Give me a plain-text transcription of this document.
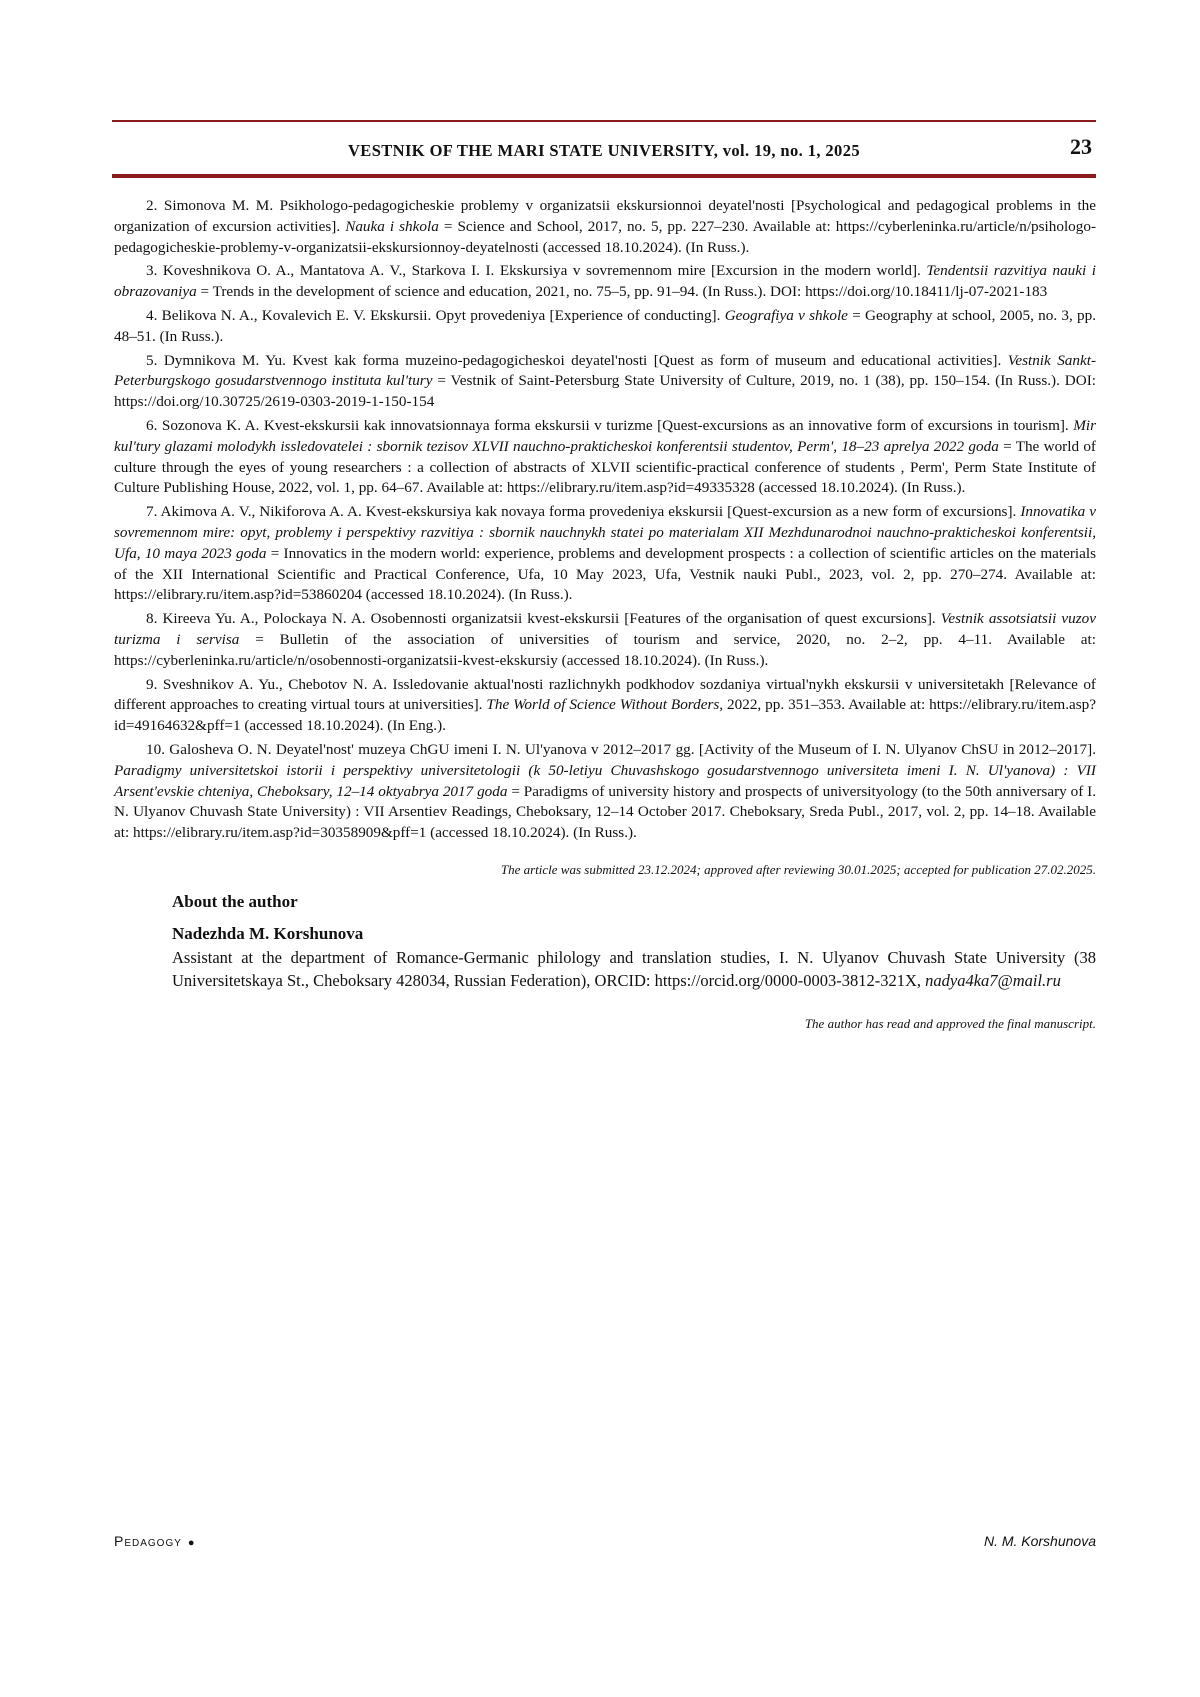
VESTNIK OF THE MARI STATE UNIVERSITY, vol. 19, no. 1, 2025	23

2. Simonova M. M. Psikhologo-pedagogicheskie problemy v organizatsii ekskursionnoi deyatel'nosti [Psychological and pedagogical problems in the organization of excursion activities]. Nauka i shkola = Science and School, 2017, no. 5, pp. 227–230. Available at: https://cyberleninka.ru/article/n/psihologo-pedagogicheskie-problemy-v-organizatsii-ekskursionnoy-deyatelnosti (accessed 18.10.2024). (In Russ.).

3. Koveshnikova O. A., Mantatova A. V., Starkova I. I. Ekskursiya v sovremennom mire [Excursion in the modern world]. Tendentsii razvitiya nauki i obrazovaniya = Trends in the development of science and education, 2021, no. 75–5, pp. 91–94. (In Russ.). DOI: https://doi.org/10.18411/lj-07-2021-183

4. Belikova N. A., Kovalevich E. V. Ekskursii. Opyt provedeniya [Experience of conducting]. Geografiya v shkole = Geography at school, 2005, no. 3, pp. 48–51. (In Russ.).

5. Dymnikova M. Yu. Kvest kak forma muzeino-pedagogicheskoi deyatel'nosti [Quest as form of museum and educational activities]. Vestnik Sankt-Peterburgskogo gosudarstvennogo instituta kul'tury = Vestnik of Saint-Petersburg State University of Culture, 2019, no. 1 (38), pp. 150–154. (In Russ.). DOI: https://doi.org/10.30725/2619-0303-2019-1-150-154

6. Sozonova K. A. Kvest-ekskursii kak innovatsionnaya forma ekskursii v turizme [Quest-excursions as an innovative form of excursions in tourism]. Mir kul'tury glazami molodykh issledovatelei : sbornik tezisov XLVII nauchno-prakticheskoi konferentsii studentov, Perm', 18–23 aprelya 2022 goda = The world of culture through the eyes of young researchers : a collection of abstracts of XLVII scientific-practical conference of students , Perm', Perm State Institute of Culture Publishing House, 2022, vol. 1, pp. 64–67. Available at: https://elibrary.ru/item.asp?id=49335328 (accessed 18.10.2024). (In Russ.).

7. Akimova A. V., Nikiforova A. A. Kvest-ekskursiya kak novaya forma provedeniya ekskursii [Quest-excursion as a new form of excursions]. Innovatika v sovremennom mire: opyt, problemy i perspektivy razvitiya : sbornik nauchnykh statei po materialam XII Mezhdunarodnoi nauchno-prakticheskoi konferentsii, Ufa, 10 maya 2023 goda = Innovatics in the modern world: experience, problems and development prospects : a collection of scientific articles on the materials of the XII International Scientific and Practical Conference, Ufa, 10 May 2023, Ufa, Vestnik nauki Publ., 2023, vol. 2, pp. 270–274. Available at: https://elibrary.ru/item.asp?id=53860204 (accessed 18.10.2024). (In Russ.).

8. Kireeva Yu. A., Polockaya N. A. Osobennosti organizatsii kvest-ekskursii [Features of the organisation of quest excursions]. Vestnik assotsiatsii vuzov turizma i servisa = Bulletin of the association of universities of tourism and service, 2020, no. 2–2, pp. 4–11. Available at: https://cyberleninka.ru/article/n/osobennosti-organizatsii-kvest-ekskursiy (accessed 18.10.2024). (In Russ.).

9. Sveshnikov A. Yu., Chebotov N. A. Issledovanie aktual'nosti razlichnykh podkhodov sozdaniya virtual'nykh ekskursii v universitetakh [Relevance of different approaches to creating virtual tours at universities]. The World of Science Without Borders, 2022, pp. 351–353. Available at: https://elibrary.ru/item.asp?id=49164632&pff=1 (accessed 18.10.2024). (In Eng.).

10. Galosheva O. N. Deyatel'nost' muzeya ChGU imeni I. N. Ul'yanova v 2012–2017 gg. [Activity of the Museum of I. N. Ulyanov ChSU in 2012–2017]. Paradigmy universitetskoi istorii i perspektivy universitetologii (k 50-letiyu Chuvashskogo gosudarstvennogo universiteta imeni I. N. Ul'yanova) : VII Arsent'evskie chteniya, Cheboksary, 12–14 oktyabrya 2017 goda = Paradigms of university history and prospects of universityology (to the 50th anniversary of I. N. Ulyanov Chuvash State University) : VII Arsentiev Readings, Cheboksary, 12–14 October 2017. Cheboksary, Sreda Publ., 2017, vol. 2, pp. 14–18. Available at: https://elibrary.ru/item.asp?id=30358909&pff=1 (accessed 18.10.2024). (In Russ.).

The article was submitted 23.12.2024; approved after reviewing 30.01.2025; accepted for publication 27.02.2025.
About the author
Nadezhda M. Korshunova

Assistant at the department of Romance-Germanic philology and translation studies, I. N. Ulyanov Chuvash State University (38 Universitetskaya St., Cheboksary 428034, Russian Federation), ORCID: https://orcid.org/0000-0003-3812-321X, nadya4ka7@mail.ru

The author has read and approved the final manuscript.
Pedagogy ●	N. M. Korshunova
